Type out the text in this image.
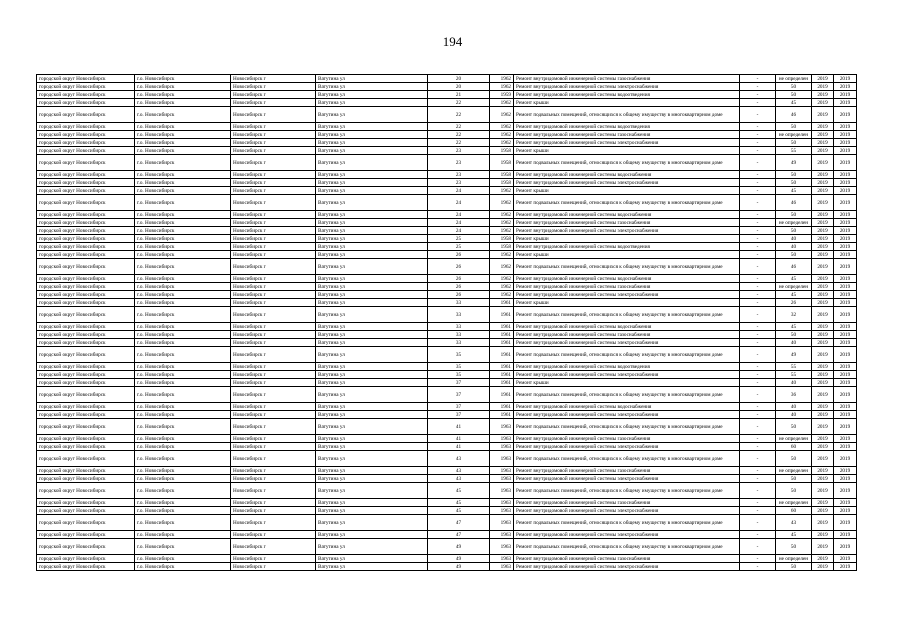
194
городской округ Новосибирск	г.о. Новосибирск	Новосибирск г	Ватутина ул	20	1962	Ремонт внутридомовой инженерной системы газоснабжения	-	не определен	2019	2019
городской округ Новосибирск	г.о. Новосибирск	Новосибирск г	Ватутина ул	20	1962	Ремонт внутридомовой инженерной системы электроснабжения	-	50	2019	2019
городской округ Новосибирск	г.о. Новосибирск	Новосибирск г	Ватутина ул	21	1959	Ремонт внутридомовой инженерной системы водоотведения	-	50	2019	2019
городской округ Новосибирск	г.о. Новосибирск	Новосибирск г	Ватутина ул	22	1962	Ремонт крыши	-	45	2019	2019
городской округ Новосибирск	г.о. Новосибирск	Новосибирск г	Ватутина ул	22	1962	Ремонт подвальных помещений, относящихся к общему имуществу в многоквартирном доме	-	46	2019	2019
городской округ Новосибирск	г.о. Новосибирск	Новосибирск г	Ватутина ул	22	1962	Ремонт внутридомовой инженерной системы водоотведения	-	50	2019	2019
городской округ Новосибирск	г.о. Новосибирск	Новосибирск г	Ватутина ул	22	1962	Ремонт внутридомовой инженерной системы газоснабжения	-	не определен	2019	2019
городской округ Новосибирск	г.о. Новосибирск	Новосибирск г	Ватутина ул	22	1962	Ремонт внутридомовой инженерной системы электроснабжения	-	50	2019	2019
городской округ Новосибирск	г.о. Новосибирск	Новосибирск г	Ватутина ул	23	1958	Ремонт крыши	-	55	2019	2019
городской округ Новосибирск	г.о. Новосибирск	Новосибирск г	Ватутина ул	23	1958	Ремонт подвальных помещений, относящихся к общему имуществу в многоквартирном доме	-	49	2019	2019
городской округ Новосибирск	г.о. Новосибирск	Новосибирск г	Ватутина ул	23	1958	Ремонт внутридомовой инженерной системы водоснабжения	-	50	2019	2019
городской округ Новосибирск	г.о. Новосибирск	Новосибирск г	Ватутина ул	23	1958	Ремонт внутридомовой инженерной системы электроснабжения	-	50	2019	2019
городской округ Новосибирск	г.о. Новосибирск	Новосибирск г	Ватутина ул	24	1962	Ремонт крыши	-	45	2019	2019
городской округ Новосибирск	г.о. Новосибирск	Новосибирск г	Ватутина ул	24	1962	Ремонт подвальных помещений, относящихся к общему имуществу в многоквартирном доме	-	46	2019	2019
городской округ Новосибирск	г.о. Новосибирск	Новосибирск г	Ватутина ул	24	1962	Ремонт внутридомовой инженерной системы водоснабжения	-	50	2019	2019
городской округ Новосибирск	г.о. Новосибирск	Новосибирск г	Ватутина ул	24	1962	Ремонт внутридомовой инженерной системы газоснабжения	-	не определен	2019	2019
городской округ Новосибирск	г.о. Новосибирск	Новосибирск г	Ватутина ул	24	1962	Ремонт внутридомовой инженерной системы электроснабжения	-	50	2019	2019
городской округ Новосибирск	г.о. Новосибирск	Новосибирск г	Ватутина ул	25	1958	Ремонт крыши	-	40	2019	2019
городской округ Новосибирск	г.о. Новосибирск	Новосибирск г	Ватутина ул	25	1958	Ремонт внутридомовой инженерной системы водоотведения	-	40	2019	2019
городской округ Новосибирск	г.о. Новосибирск	Новосибирск г	Ватутина ул	26	1962	Ремонт крыши	-	50	2019	2019
городской округ Новосибирск	г.о. Новосибирск	Новосибирск г	Ватутина ул	26	1962	Ремонт подвальных помещений, относящихся к общему имуществу в многоквартирном доме	-	46	2019	2019
городской округ Новосибирск	г.о. Новосибирск	Новосибирск г	Ватутина ул	26	1962	Ремонт внутридомовой инженерной системы водоснабжения	-	45	2019	2019
городской округ Новосибирск	г.о. Новосибирск	Новосибирск г	Ватутина ул	26	1962	Ремонт внутридомовой инженерной системы газоснабжения	-	не определен	2019	2019
городской округ Новосибирск	г.о. Новосибирск	Новосибирск г	Ватутина ул	26	1962	Ремонт внутридомовой инженерной системы электроснабжения	-	45	2019	2019
городской округ Новосибирск	г.о. Новосибирск	Новосибирск г	Ватутина ул	33	1961	Ремонт крыши	-	26	2019	2019
городской округ Новосибирск	г.о. Новосибирск	Новосибирск г	Ватутина ул	33	1961	Ремонт подвальных помещений, относящихся к общему имуществу в многоквартирном доме	-	32	2019	2019
городской округ Новосибирск	г.о. Новосибирск	Новосибирск г	Ватутина ул	33	1961	Ремонт внутридомовой инженерной системы водоснабжения	-	45	2019	2019
городской округ Новосибирск	г.о. Новосибирск	Новосибирск г	Ватутина ул	33	1961	Ремонт внутридомовой инженерной системы газоснабжения	-	50	2019	2019
городской округ Новосибирск	г.о. Новосибирск	Новосибирск г	Ватутина ул	33	1961	Ремонт внутридомовой инженерной системы электроснабжения	-	40	2019	2019
городской округ Новосибирск	г.о. Новосибирск	Новосибирск г	Ватутина ул	35	1961	Ремонт подвальных помещений, относящихся к общему имуществу в многоквартирном доме	-	49	2019	2019
городской округ Новосибирск	г.о. Новосибирск	Новосибирск г	Ватутина ул	35	1961	Ремонт внутридомовой инженерной системы водоотведения	-	55	2019	2019
городской округ Новосибирск	г.о. Новосибирск	Новосибирск г	Ватутина ул	35	1961	Ремонт внутридомовой инженерной системы электроснабжения	-	55	2019	2019
городской округ Новосибирск	г.о. Новосибирск	Новосибирск г	Ватутина ул	37	1961	Ремонт крыши	-	40	2019	2019
городской округ Новосибирск	г.о. Новосибирск	Новосибирск г	Ватутина ул	37	1961	Ремонт подвальных помещений, относящихся к общему имуществу в многоквартирном доме	-	36	2019	2019
городской округ Новосибирск	г.о. Новосибирск	Новосибирск г	Ватутина ул	37	1961	Ремонт внутридомовой инженерной системы водоснабжения	-	40	2019	2019
городской округ Новосибирск	г.о. Новосибирск	Новосибирск г	Ватутина ул	37	1961	Ремонт внутридомовой инженерной системы электроснабжения	-	40	2019	2019
городской округ Новосибирск	г.о. Новосибирск	Новосибирск г	Ватутина ул	41	1963	Ремонт подвальных помещений, относящихся к общему имуществу в многоквартирном доме	-	50	2019	2019
городской округ Новосибирск	г.о. Новосибирск	Новосибирск г	Ватутина ул	41	1963	Ремонт внутридомовой инженерной системы газоснабжения	-	не определен	2019	2019
городской округ Новосибирск	г.о. Новосибирск	Новосибирск г	Ватутина ул	41	1963	Ремонт внутридомовой инженерной системы электроснабжения	-	60	2019	2019
городской округ Новосибирск	г.о. Новосибирск	Новосибирск г	Ватутина ул	43	1963	Ремонт подвальных помещений, относящихся к общему имуществу в многоквартирном доме	-	50	2019	2019
городской округ Новосибирск	г.о. Новосибирск	Новосибирск г	Ватутина ул	43	1963	Ремонт внутридомовой инженерной системы газоснабжения	-	не определен	2019	2019
городской округ Новосибирск	г.о. Новосибирск	Новосибирск г	Ватутина ул	43	1963	Ремонт внутридомовой инженерной системы электроснабжения	-	50	2019	2019
городской округ Новосибирск	г.о. Новосибирск	Новосибирск г	Ватутина ул	45	1963	Ремонт подвальных помещений, относящихся к общему имуществу в многоквартирном доме	-	50	2019	2019
городской округ Новосибирск	г.о. Новосибирск	Новосибирск г	Ватутина ул	45	1963	Ремонт внутридомовой инженерной системы газоснабжения	-	не определен	2019	2019
городской округ Новосибирск	г.о. Новосибирск	Новосибирск г	Ватутина ул	45	1963	Ремонт внутридомовой инженерной системы электроснабжения	-	60	2019	2019
городской округ Новосибирск	г.о. Новосибирск	Новосибирск г	Ватутина ул	47	1963	Ремонт подвальных помещений, относящихся к общему имуществу в многоквартирном доме	-	43	2019	2019
городской округ Новосибирск	г.о. Новосибирск	Новосибирск г	Ватутина ул	47	1963	Ремонт внутридомовой инженерной системы электроснабжения	-	45	2019	2019
городской округ Новосибирск	г.о. Новосибирск	Новосибирск г	Ватутина ул	49	1963	Ремонт подвальных помещений, относящихся к общему имуществу в многоквартирном доме	-	50	2019	2019
городской округ Новосибирск	г.о. Новосибирск	Новосибирск г	Ватутина ул	49	1963	Ремонт внутридомовой инженерной системы газоснабжения	-	не определен	2019	2019
городской округ Новосибирск	г.о. Новосибирск	Новосибирск г	Ватутина ул	49	1963	Ремонт внутридомовой инженерной системы электроснабжения	-	50	2019	2019
